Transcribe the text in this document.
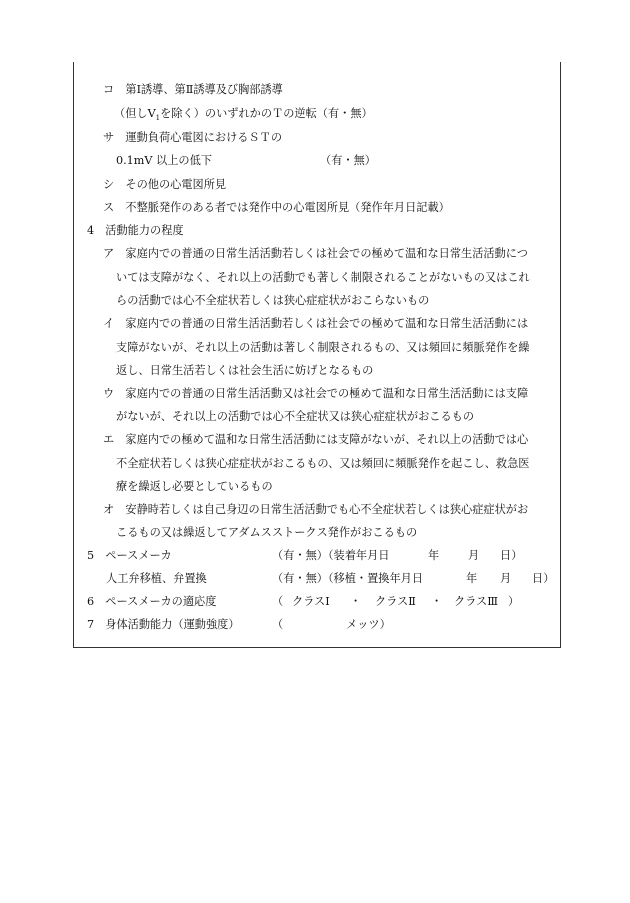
コ　第Ⅰ誘導、第Ⅱ誘導及び胸部誘導
（但し$V_1$を除く）のいずれかのＴの逆転（有・無）
サ　運動負荷心電図におけるＳＴの
0.1mV 以上の低下	（有・無）
シ　その他の心電図所見
ス　不整脈発作のある者では発作中の心電図所見（発作年月日記載）
4　活動能力の程度
ア　家庭内での普通の日常生活活動若しくは社会での極めて温和な日常生活活動につ
いては支障がなく、それ以上の活動でも著しく制限されることがないもの又はこれ
らの活動では心不全症状若しくは狭心症症状がおこらないもの
イ　家庭内での普通の日常生活活動若しくは社会での極めて温和な日常生活活動には
支障がないが、それ以上の活動は著しく制限されるもの、又は頻回に頻脈発作を繰
返し、日常生活若しくは社会生活に妨げとなるもの
ウ　家庭内での普通の日常生活活動又は社会での極めて温和な日常生活活動には支障
がないが、それ以上の活動では心不全症状又は狭心症症状がおこるもの
エ　家庭内での極めて温和な日常生活活動には支障がないが、それ以上の活動では心
不全症状若しくは狭心症症状がおこるもの、又は頻回に頻脈発作を起こし、救急医
療を繰返し必要としているもの
オ　安静時若しくは自己身辺の日常生活活動でも心不全症状若しくは狭心症症状がお
こるもの又は繰返してアダムスストークス発作がおこるもの
5　ペースメーカ	（有・無）（装着年月日	年	月 日）
人工弁移植、弁置換	（有・無）（移植・置換年月日	年 月 日）
6　ペースメーカの適応度	（ クラスⅠ ・ クラスⅡ ・ クラスⅢ ）
7　身体活動能力（運動強度）	（	メッツ）
